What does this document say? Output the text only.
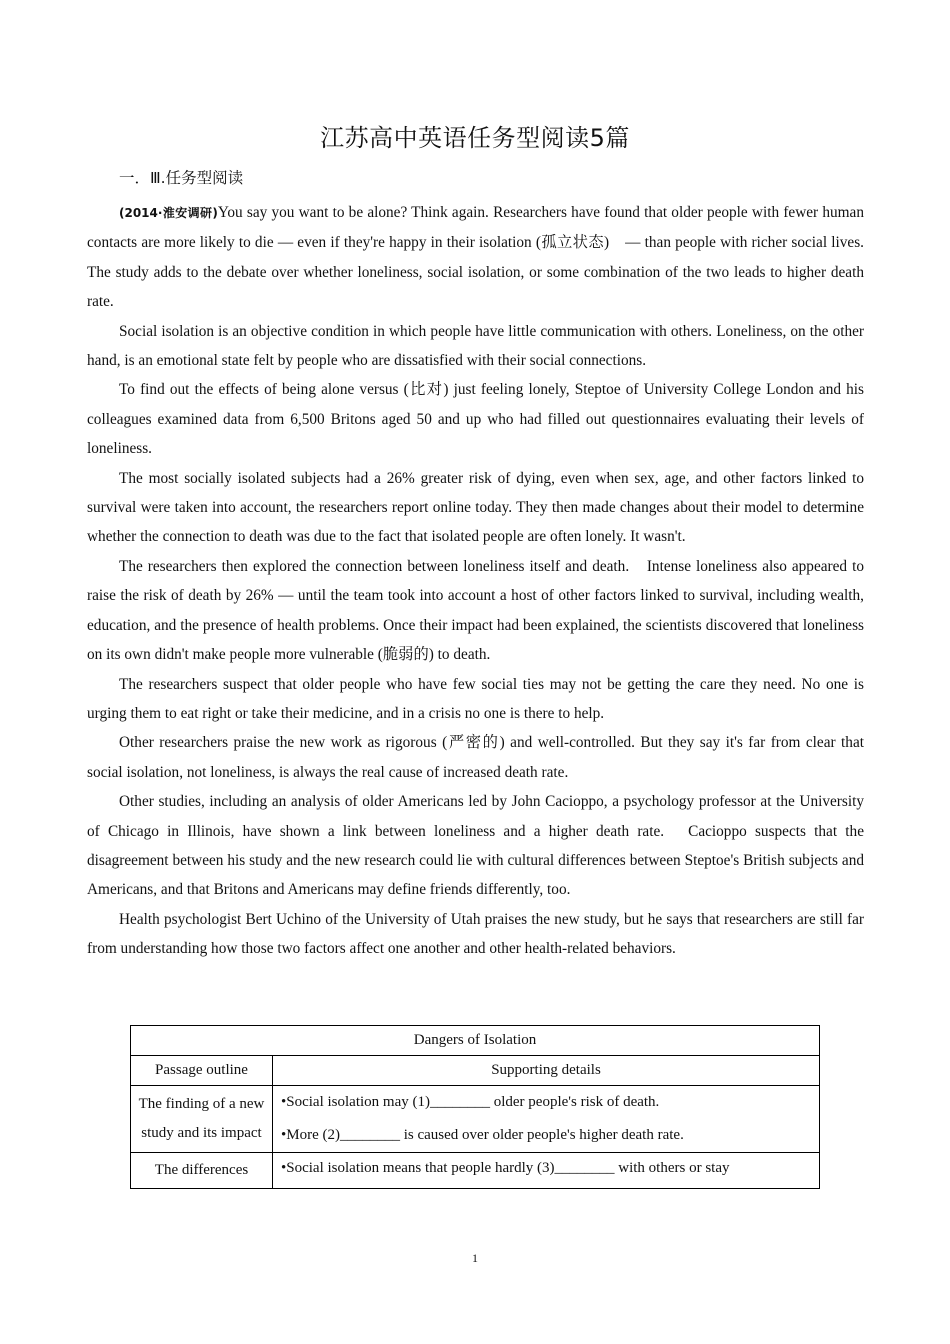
江苏高中英语任务型阅读5篇
一．Ⅲ.任务型阅读

(2014·淮安调研)You say you want to be alone? Think again. Researchers have found that older people with fewer human contacts are more likely to die — even if they're happy in their isolation (孤立状态)　— than people with richer social lives. The study adds to the debate over whether loneliness, social isolation, or some combination of the two leads to higher death rate.

Social isolation is an objective condition in which people have little communication with others. Loneliness, on the other hand, is an emotional state felt by people who are dissatisfied with their social connections.

To find out the effects of being alone versus (比对) just feeling lonely, Steptoe of University College London and his colleagues examined data from 6,500 Britons aged 50 and up who had filled out questionnaires evaluating their levels of loneliness.

The most socially isolated subjects had a 26% greater risk of dying, even when sex, age, and other factors linked to survival were taken into account, the researchers report online today. They then made changes about their model to determine whether the connection to death was due to the fact that isolated people are often lonely. It wasn't.

The researchers then explored the connection between loneliness itself and death.　Intense loneliness also appeared to raise the risk of death by 26% — until the team took into account a host of other factors linked to survival, including wealth, education, and the presence of health problems. Once their impact had been explained, the scientists discovered that loneliness on its own didn't make people more vulnerable (脆弱的) to death.

The researchers suspect that older people who have few social ties may not be getting the care they need. No one is urging them to eat right or take their medicine, and in a crisis no one is there to help.

Other researchers praise the new work as rigorous (严密的) and well-controlled. But they say it's far from clear that social isolation, not loneliness, is always the real cause of increased death rate.

Other studies, including an analysis of older Americans led by John Cacioppo, a psychology professor at the University of Chicago in Illinois, have shown a link between loneliness and a higher death rate.　Cacioppo suspects that the disagreement between his study and the new research could lie with cultural differences between Steptoe's British subjects and Americans, and that Britons and Americans may define friends differently, too.

Health psychologist Bert Uchino of the University of Utah praises the new study, but he says that researchers are still far from understanding how those two factors affect one another and other health-related behaviors.

Dangers of Isolation	
Passage outline	Supporting details
The finding of a new study and its impact	•Social isolation may (1)________ older people's risk of death.
•More (2)________ is caused over older people's higher death rate.

The differences	•Social isolation means that people hardly (3)________ with others or stay
1
